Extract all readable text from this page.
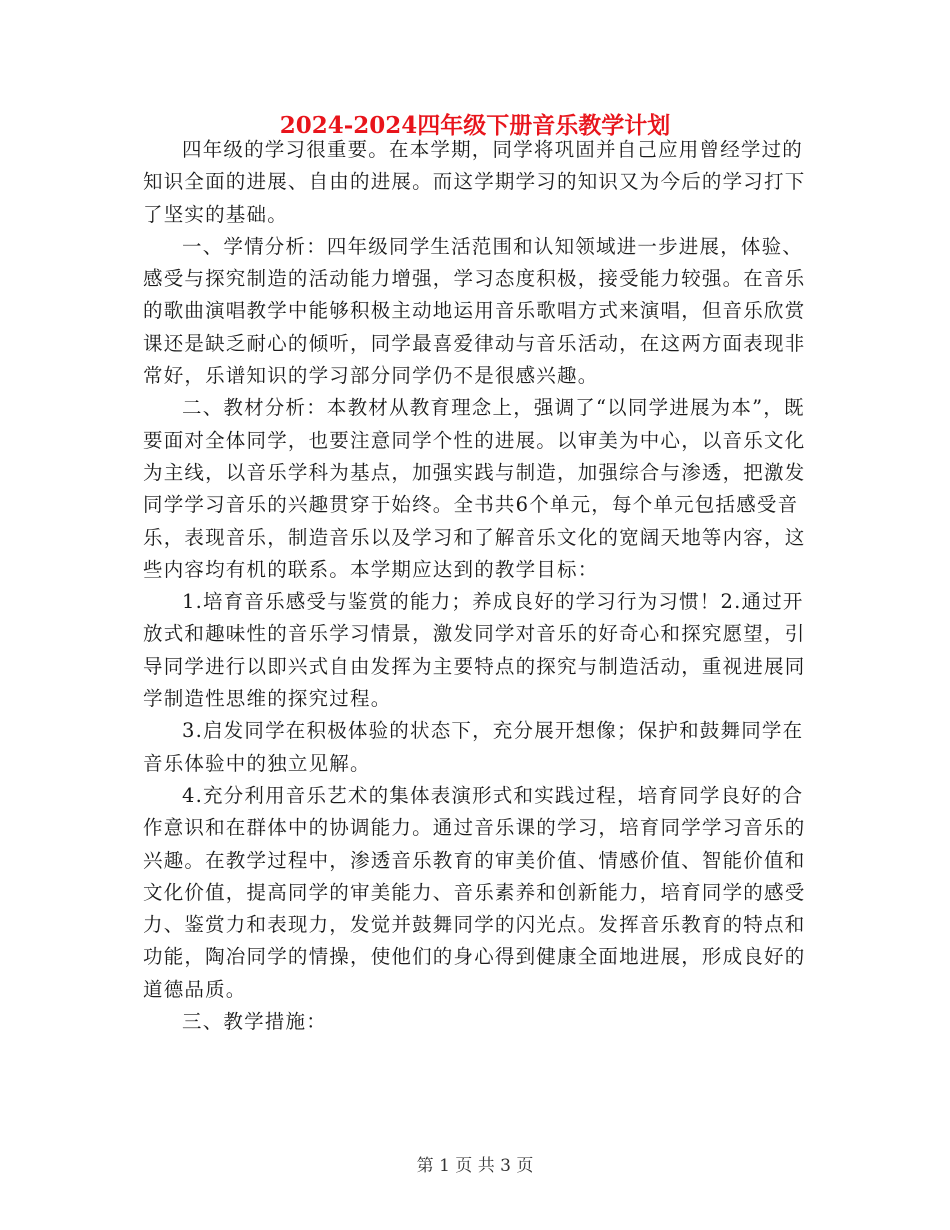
2024-2024四年级下册音乐教学计划

四年级的学习很重要。在本学期，同学将巩固并自己应用曾经学过的知识全面的进展、自由的进展。而这学期学习的知识又为今后的学习打下了坚实的基础。

一、学情分析：四年级同学生活范围和认知领域进一步进展，体验、感受与探究制造的活动能力增强，学习态度积极，接受能力较强。在音乐的歌曲演唱教学中能够积极主动地运用音乐歌唱方式来演唱，但音乐欣赏课还是缺乏耐心的倾听，同学最喜爱律动与音乐活动，在这两方面表现非常好，乐谱知识的学习部分同学仍不是很感兴趣。

二、教材分析：本教材从教育理念上，强调了“以同学进展为本”，既要面对全体同学，也要注意同学个性的进展。以审美为中心，以音乐文化为主线，以音乐学科为基点，加强实践与制造，加强综合与渗透，把激发同学学习音乐的兴趣贯穿于始终。全书共6个单元，每个单元包括感受音乐，表现音乐，制造音乐以及学习和了解音乐文化的宽阔天地等内容，这些内容均有机的联系。本学期应达到的教学目标：

1.培育音乐感受与鉴赏的能力；养成良好的学习行为习惯！2.通过开放式和趣味性的音乐学习情景，激发同学对音乐的好奇心和探究愿望，引导同学进行以即兴式自由发挥为主要特点的探究与制造活动，重视进展同学制造性思维的探究过程。

3.启发同学在积极体验的状态下，充分展开想像；保护和鼓舞同学在音乐体验中的独立见解。

4.充分利用音乐艺术的集体表演形式和实践过程，培育同学良好的合作意识和在群体中的协调能力。通过音乐课的学习，培育同学学习音乐的兴趣。在教学过程中，渗透音乐教育的审美价值、情感价值、智能价值和文化价值，提高同学的审美能力、音乐素养和创新能力，培育同学的感受力、鉴赏力和表现力，发觉并鼓舞同学的闪光点。发挥音乐教育的特点和功能，陶冶同学的情操，使他们的身心得到健康全面地进展，形成良好的道德品质。

三、教学措施：

第 1 页 共 3 页
